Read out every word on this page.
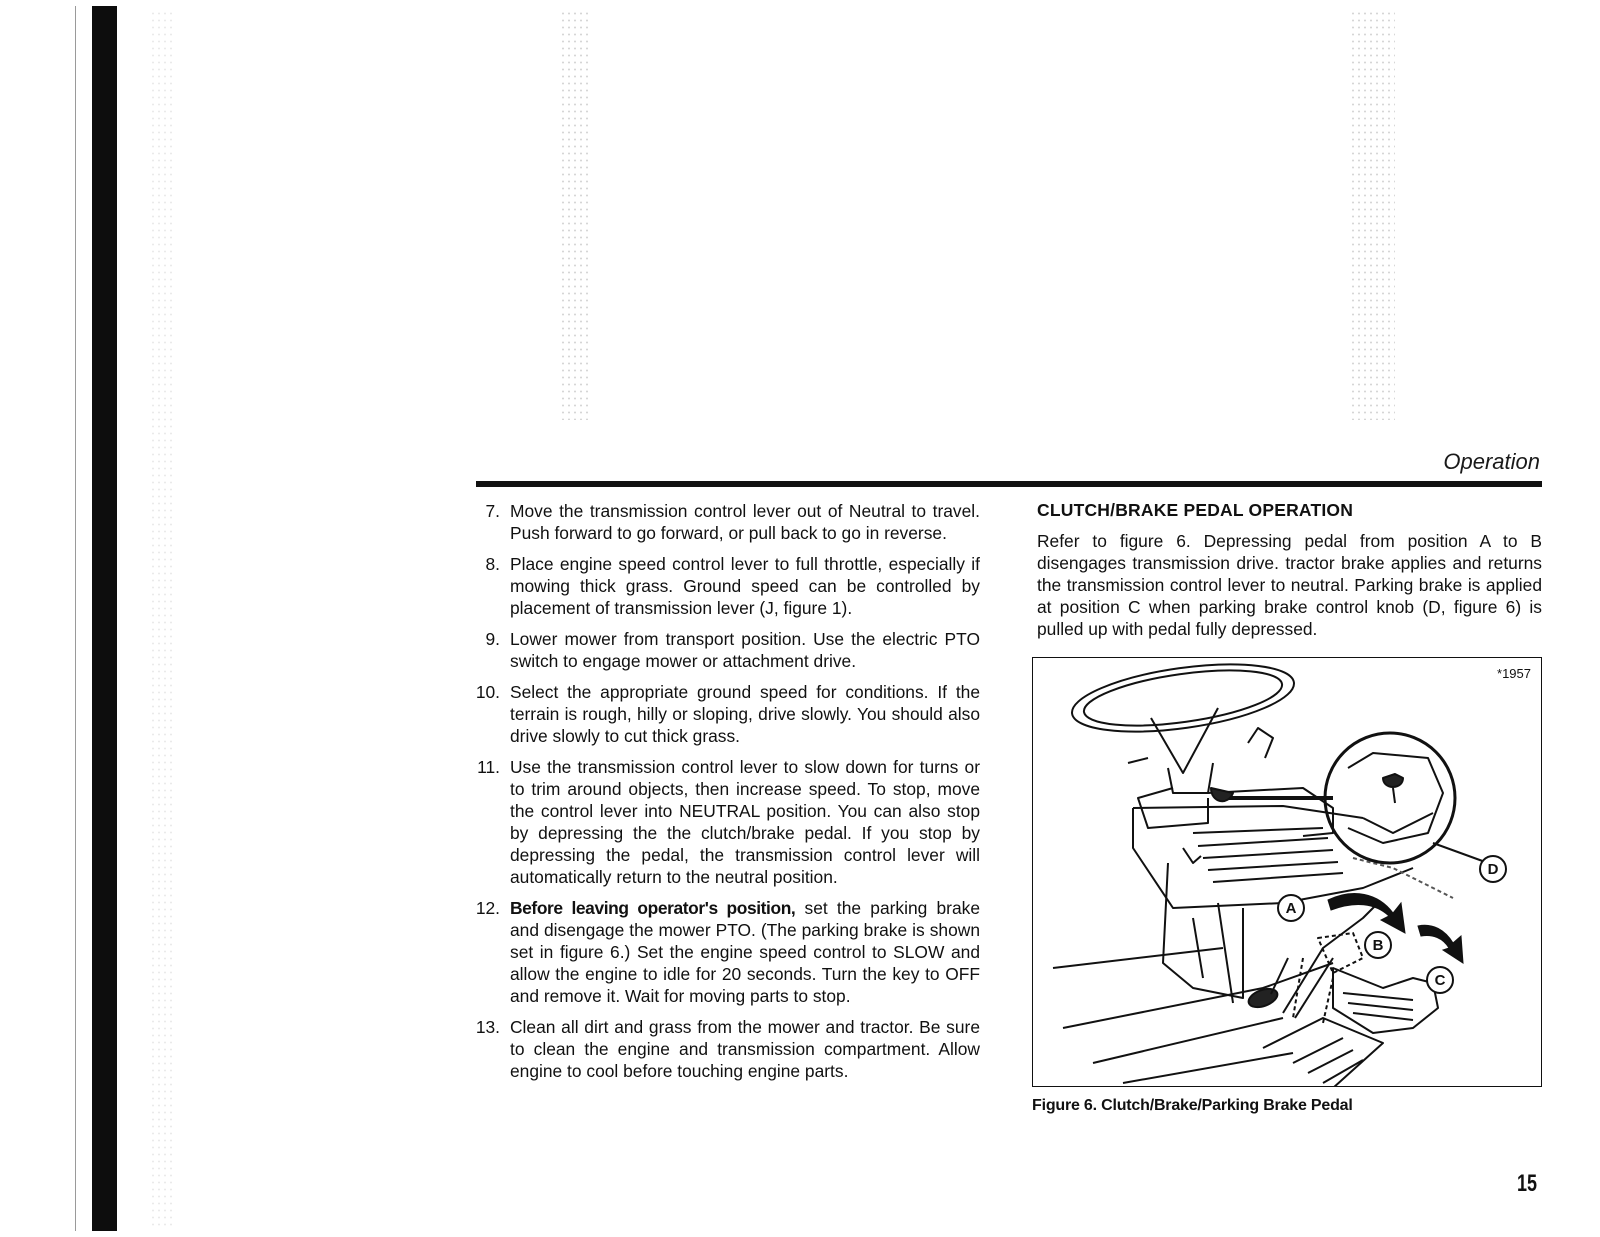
Operation
7. Move the transmission control lever out of Neutral to travel. Push forward to go forward, or pull back to go in reverse.
8. Place engine speed control lever to full throttle, especially if mowing thick grass. Ground speed can be controlled by placement of transmission lever (J, figure 1).
9. Lower mower from transport position. Use the electric PTO switch to engage mower or attachment drive.
10. Select the appropriate ground speed for conditions. If the terrain is rough, hilly or sloping, drive slowly. You should also drive slowly to cut thick grass.
11. Use the transmission control lever to slow down for turns or to trim around objects, then increase speed. To stop, move the control lever into NEUTRAL position. You can also stop by depressing the the clutch/brake pedal. If you stop by depressing the pedal, the transmission control lever will automatically return to the neutral position.
12. Before leaving operator's position, set the parking brake and disengage the mower PTO. (The parking brake is shown set in figure 6.) Set the engine speed control to SLOW and allow the engine to idle for 20 seconds. Turn the key to OFF and remove it. Wait for moving parts to stop.
13. Clean all dirt and grass from the mower and tractor. Be sure to clean the engine and transmission compartment. Allow engine to cool before touching engine parts.
CLUTCH/BRAKE PEDAL OPERATION

Refer to figure 6. Depressing pedal from position A to B disengages transmission drive. tractor brake applies and returns the transmission control lever to neutral. Parking brake is applied at position C when parking brake control knob (D, figure 6) is pulled up with pedal fully depressed.

*1957
A
B
C
D

Figure 6. Clutch/Brake/Parking Brake Pedal

15
